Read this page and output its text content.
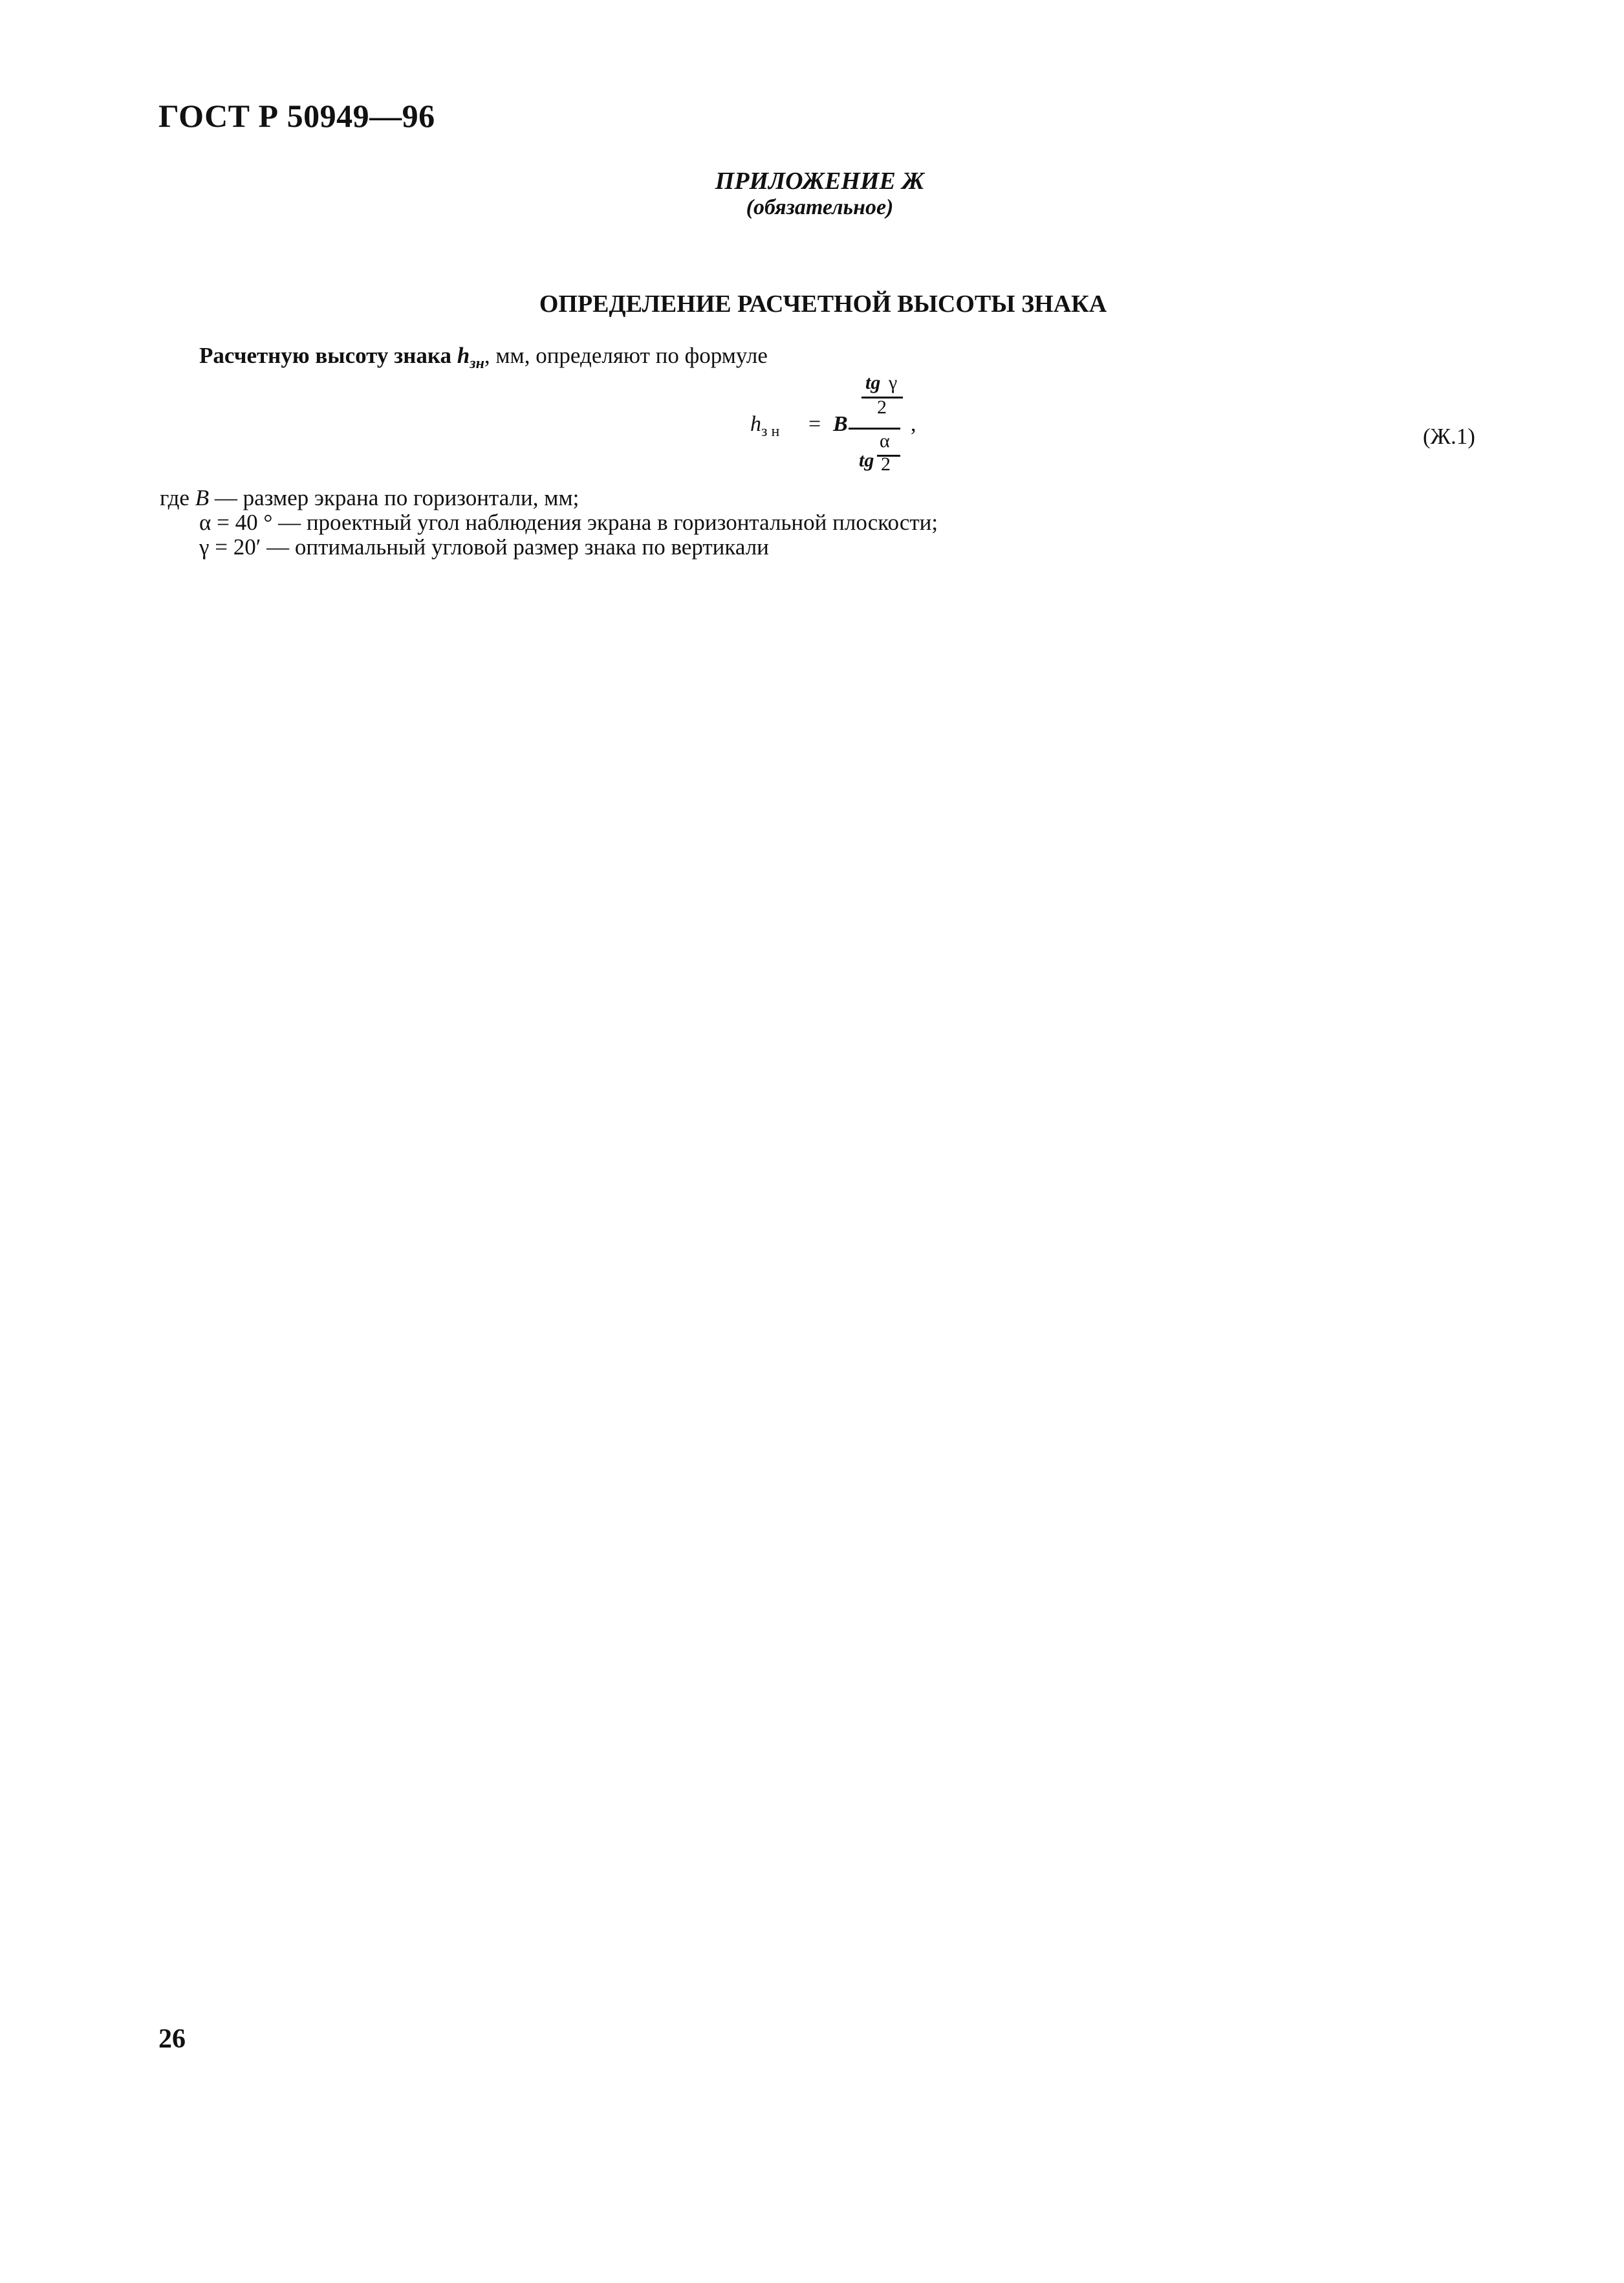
ГОСТ Р 50949—96
ПРИЛОЖЕНИЕ Ж
(обязательное)
ОПРЕДЕЛЕНИЕ РАСЧЕТНОЙ ВЫСОТЫ ЗНАКА
Расчетную высоту знака $h_{зн}$, мм, определяют по формуле
$h_{з н} = B$
tg γ
2
α
tg 2
,	(Ж.1)
где B — размер экрана по горизонтали, мм;
α = 40 ° — проектный угол наблюдения экрана в горизонтальной плоскости;
γ = 20′ — оптимальный угловой размер знака по вертикали
26
